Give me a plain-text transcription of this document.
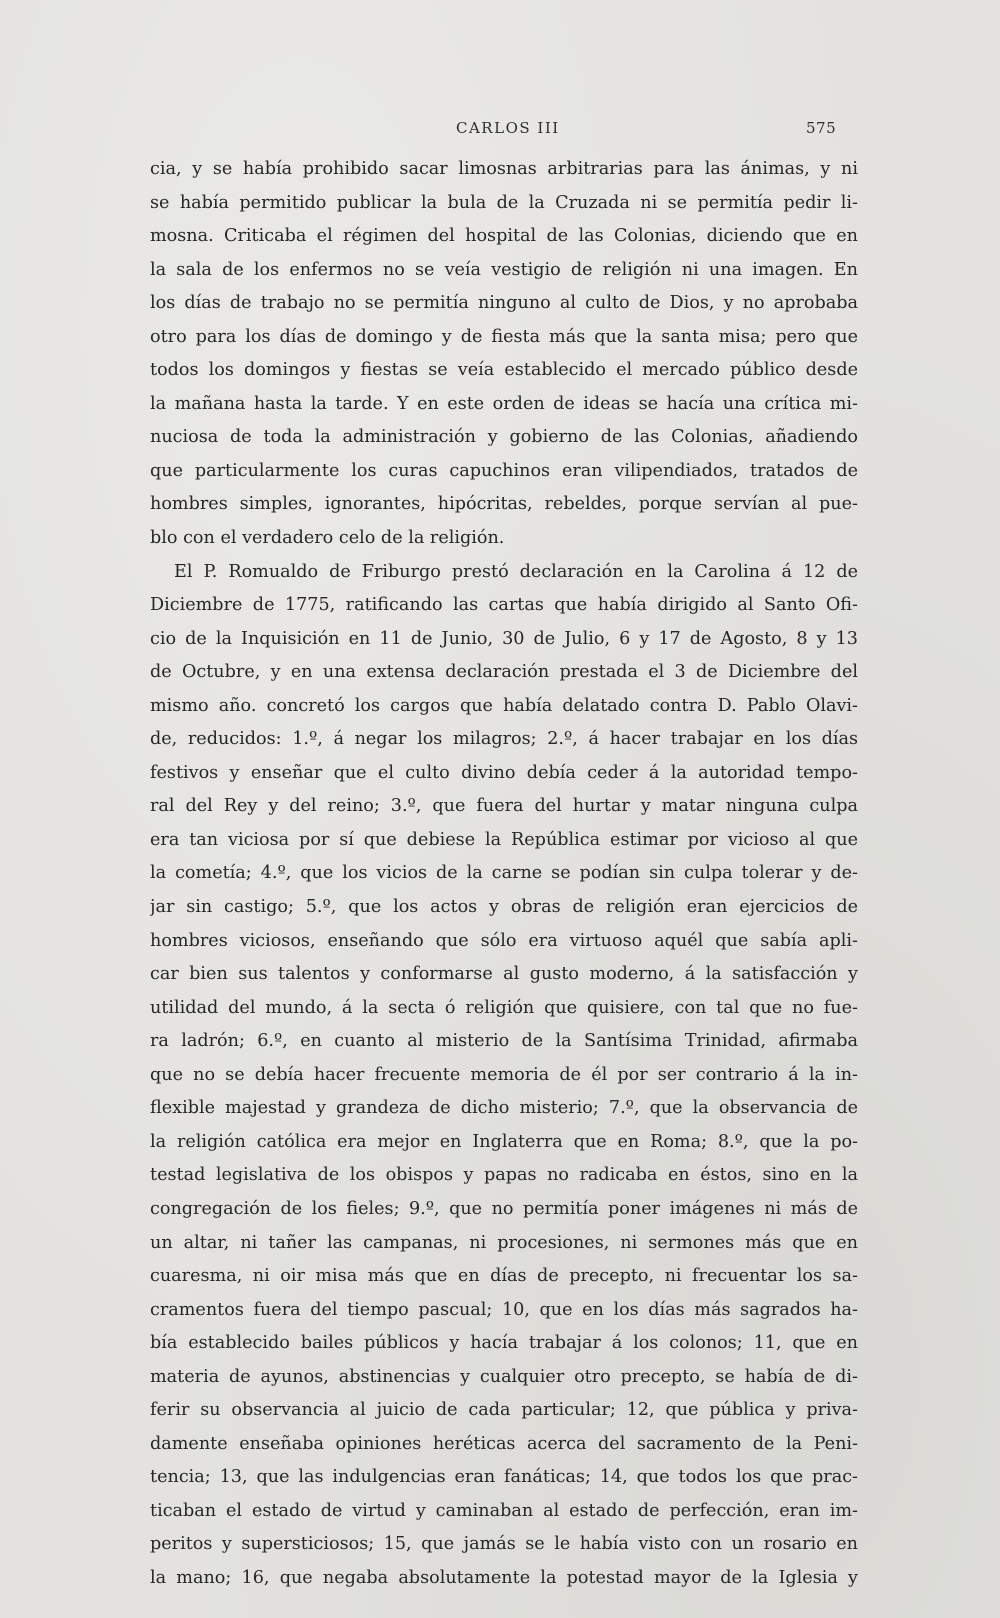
CARLOS III	575
cia, y se había prohibido sacar limosnas arbitrarias para las ánimas, y ni
se había permitido publicar la bula de la Cruzada ni se permitía pedir li-
mosna. Criticaba el régimen del hospital de las Colonias, diciendo que en
la sala de los enfermos no se veía vestigio de religión ni una imagen. En
los días de trabajo no se permitía ninguno al culto de Dios, y no aprobaba
otro para los días de domingo y de fiesta más que la santa misa; pero que
todos los domingos y fiestas se veía establecido el mercado público desde
la mañana hasta la tarde. Y en este orden de ideas se hacía una crítica mi-
nuciosa de toda la administración y gobierno de las Colonias, añadiendo
que particularmente los curas capuchinos eran vilipendiados, tratados de
hombres simples, ignorantes, hipócritas, rebeldes, porque servían al pue-
blo con el verdadero celo de la religión.
El P. Romualdo de Friburgo prestó declaración en la Carolina á 12 de
Diciembre de 1775, ratificando las cartas que había dirigido al Santo Ofi-
cio de la Inquisición en 11 de Junio, 30 de Julio, 6 y 17 de Agosto, 8 y 13
de Octubre, y en una extensa declaración prestada el 3 de Diciembre del
mismo año. concretó los cargos que había delatado contra D. Pablo Olavi-
de, reducidos: 1.º, á negar los milagros; 2.º, á hacer trabajar en los días
festivos y enseñar que el culto divino debía ceder á la autoridad tempo-
ral del Rey y del reino; 3.º, que fuera del hurtar y matar ninguna culpa
era tan viciosa por sí que debiese la República estimar por vicioso al que
la cometía; 4.º, que los vicios de la carne se podían sin culpa tolerar y de-
jar sin castigo; 5.º, que los actos y obras de religión eran ejercicios de
hombres viciosos, enseñando que sólo era virtuoso aquél que sabía apli-
car bien sus talentos y conformarse al gusto moderno, á la satisfacción y
utilidad del mundo, á la secta ó religión que quisiere, con tal que no fue-
ra ladrón; 6.º, en cuanto al misterio de la Santísima Trinidad, afirmaba
que no se debía hacer frecuente memoria de él por ser contrario á la in-
flexible majestad y grandeza de dicho misterio; 7.º, que la observancia de
la religión católica era mejor en Inglaterra que en Roma; 8.º, que la po-
testad legislativa de los obispos y papas no radicaba en éstos, sino en la
congregación de los fieles; 9.º, que no permitía poner imágenes ni más de
un altar, ni tañer las campanas, ni procesiones, ni sermones más que en
cuaresma, ni oir misa más que en días de precepto, ni frecuentar los sa-
cramentos fuera del tiempo pascual; 10, que en los días más sagrados ha-
bía establecido bailes públicos y hacía trabajar á los colonos; 11, que en
materia de ayunos, abstinencias y cualquier otro precepto, se había de di-
ferir su observancia al juicio de cada particular; 12, que pública y priva-
damente enseñaba opiniones heréticas acerca del sacramento de la Peni-
tencia; 13, que las indulgencias eran fanáticas; 14, que todos los que prac-
ticaban el estado de virtud y caminaban al estado de perfección, eran im-
peritos y supersticiosos; 15, que jamás se le había visto con un rosario en
la mano; 16, que negaba absolutamente la potestad mayor de la Iglesia y
